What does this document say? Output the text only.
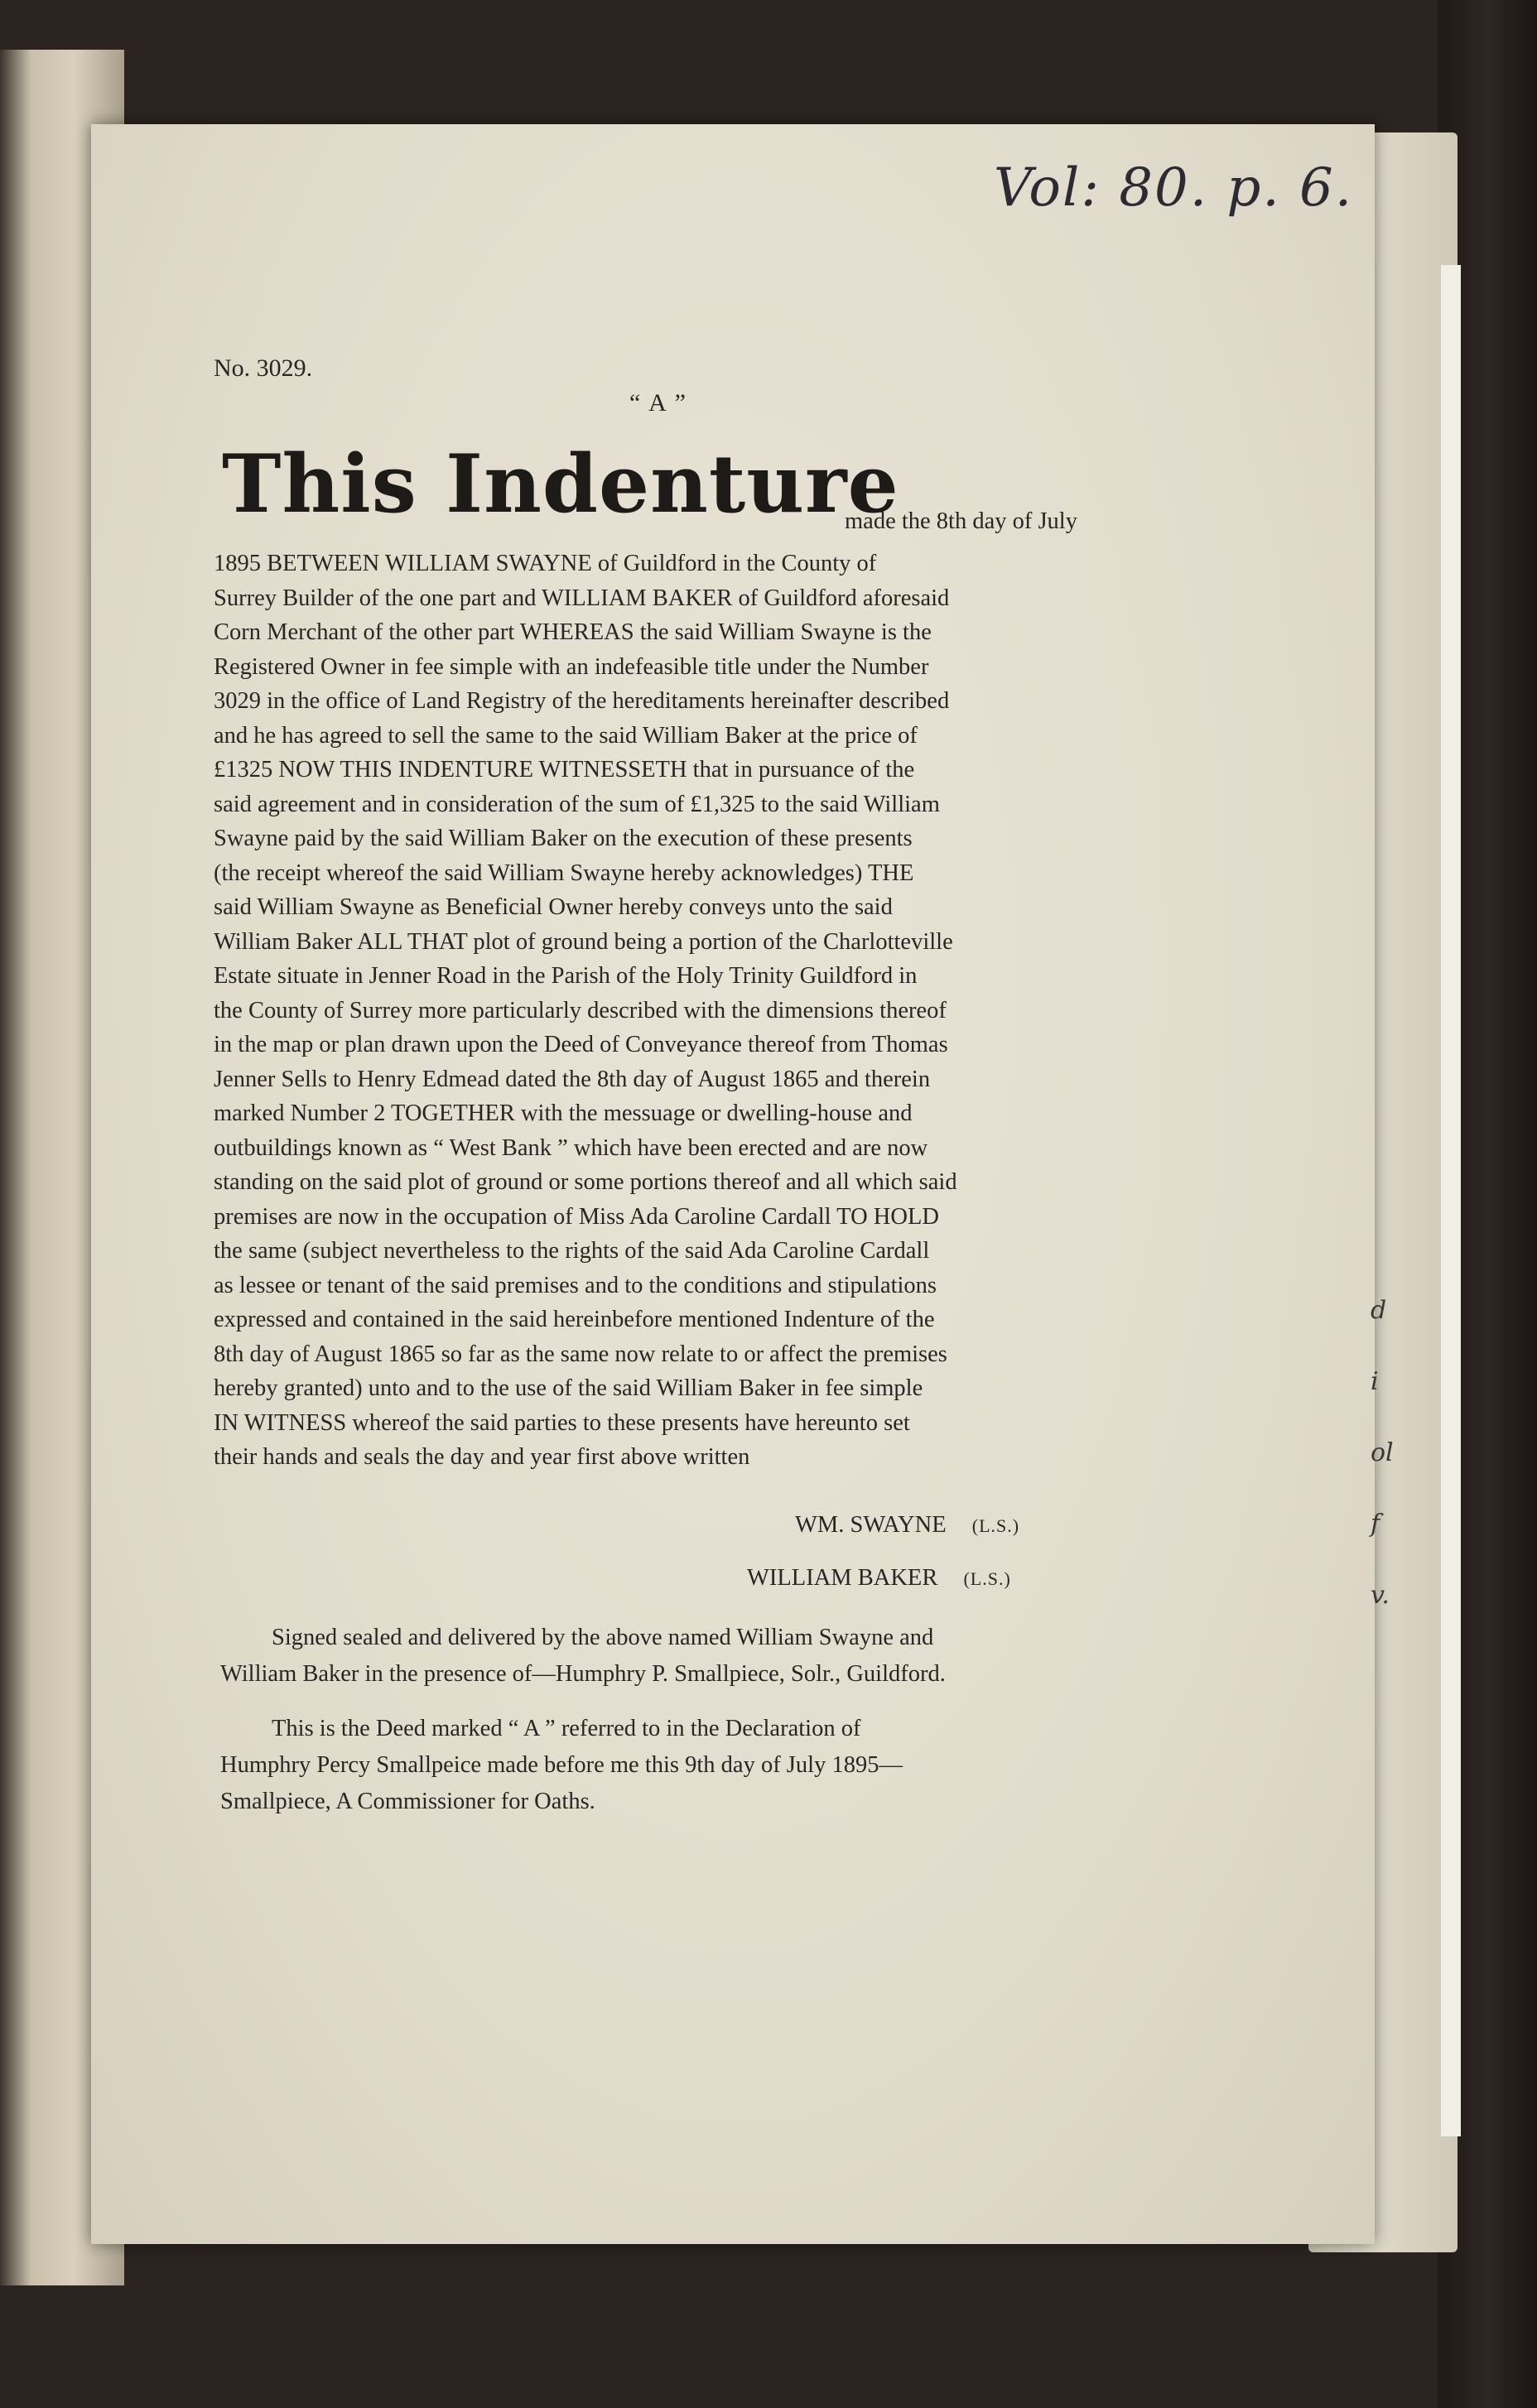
Vol: 80. p. 6.
No. 3029.
“ A ”
This Indenture
made the 8th day of July

1895 BETWEEN WILLIAM SWAYNE of Guildford in the County of

Surrey Builder of the one part and WILLIAM BAKER of Guildford aforesaid

Corn Merchant of the other part WHEREAS the said William Swayne is the

Registered Owner in fee simple with an indefeasible title under the Number

3029 in the office of Land Registry of the hereditaments hereinafter described

and he has agreed to sell the same to the said William Baker at the price of

£1325 NOW THIS INDENTURE WITNESSETH that in pursuance of the

said agreement and in consideration of the sum of £1,325 to the said William

Swayne paid by the said William Baker on the execution of these presents

(the receipt whereof the said William Swayne hereby acknowledges) THE

said William Swayne as Beneficial Owner hereby conveys unto the said

William Baker ALL THAT plot of ground being a portion of the Charlotteville

Estate situate in Jenner Road in the Parish of the Holy Trinity Guildford in

the County of Surrey more particularly described with the dimensions thereof

in the map or plan drawn upon the Deed of Conveyance thereof from Thomas

Jenner Sells to Henry Edmead dated the 8th day of August 1865 and therein

marked Number 2 TOGETHER with the messuage or dwelling-house and

outbuildings known as “ West Bank ” which have been erected and are now

standing on the said plot of ground or some portions thereof and all which said

premises are now in the occupation of Miss Ada Caroline Cardall TO HOLD

the same (subject nevertheless to the rights of the said Ada Caroline Cardall

as lessee or tenant of the said premises and to the conditions and stipulations

expressed and contained in the said hereinbefore mentioned Indenture of the

8th day of August 1865 so far as the same now relate to or affect the premises

hereby granted) unto and to the use of the said William Baker in fee simple

IN WITNESS whereof the said parties to these presents have hereunto set

their hands and seals the day and year first above written

WM. SWAYNE (L.S.)
WILLIAM BAKER (L.S.)
Signed sealed and delivered by the above named William Swayne and
William Baker in the presence of—Humphry P. Smallpiece, Solr., Guildford.
This is the Deed marked “ A ” referred to in the Declaration of
Humphry Percy Smallpeice made before me this 9th day of July 1895—
Smallpiece, A Commissioner for Oaths.
d
i
ol
f
v.
